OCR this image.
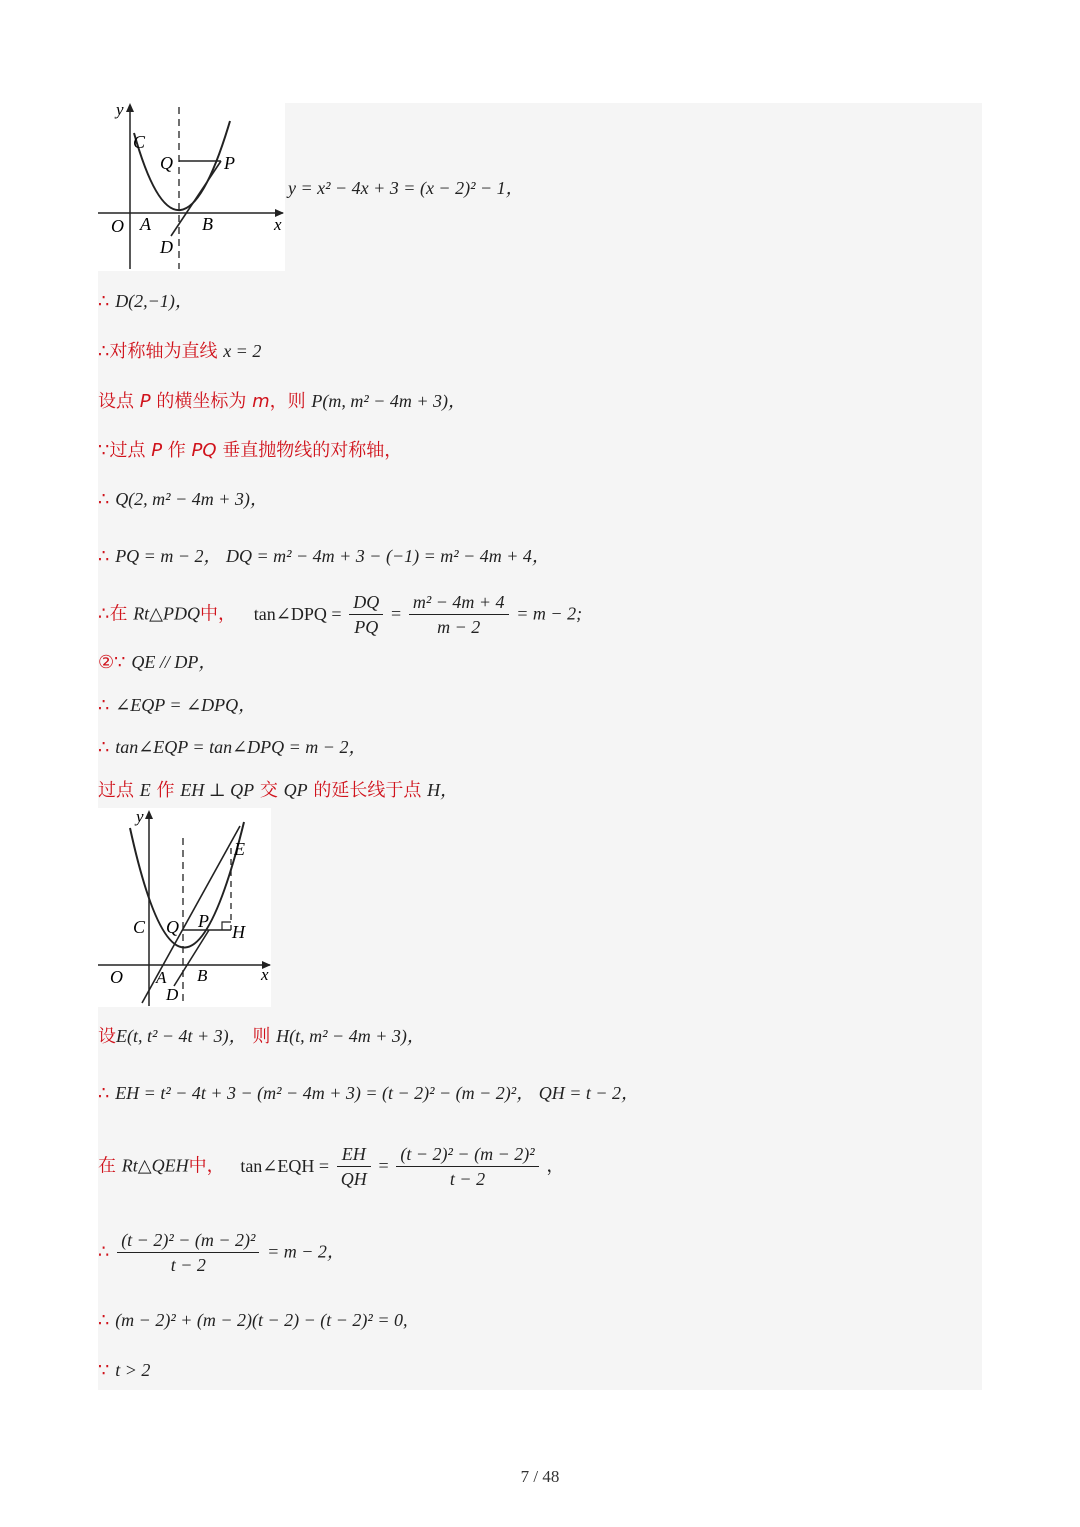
y
x
O A	B
C
D
Q	P
y = x² − 4x + 3 = (x − 2)² − 1，
∴ D(2,−1)，
∴对称轴为直线 x = 2
设点 P 的横坐标为 m，则 P(m, m² − 4m + 3)，
∵过点 P 作 PQ 垂直抛物线的对称轴，
∴ Q(2, m² − 4m + 3)，
∴ PQ = m − 2， DQ = m² − 4m + 3 − (−1) = m² − 4m + 4，
∴在 Rt△PDQ中， tan∠DPQ = $\frac{DQ}{PQ} = \frac{\text{m² − 4m + 4}}{m - 2} = m - 2$;
②∵ QE // DP，
∴ ∠EQP = ∠DPQ，
∴ tan∠EQP = tan∠DPQ = m − 2，
过点 E 作 EH ⊥ QP 交 QP 的延长线于点 H，
y
x
O A B
C
D
Q P
E
H
设E(t, t² − 4t + 3)， 则 H(t, m² − 4m + 3)，
∴ EH = t² − 4t + 3 − (m² − 4m + 3) = (t − 2)² − (m − 2)²， QH = t − 2，
在 Rt△QEH中， tan∠EQH = $\frac{EH}{QH} = \frac{\text{(t − 2)² − (m − 2)²}}{t - 2}$ ，
∴ $\frac{\text{(t − 2)² − (m − 2)²}}{t - 2} = m - 2$，
∴ (m − 2)² + (m − 2)(t − 2) − (t − 2)² = 0,
∵ t > 2
7 / 48
